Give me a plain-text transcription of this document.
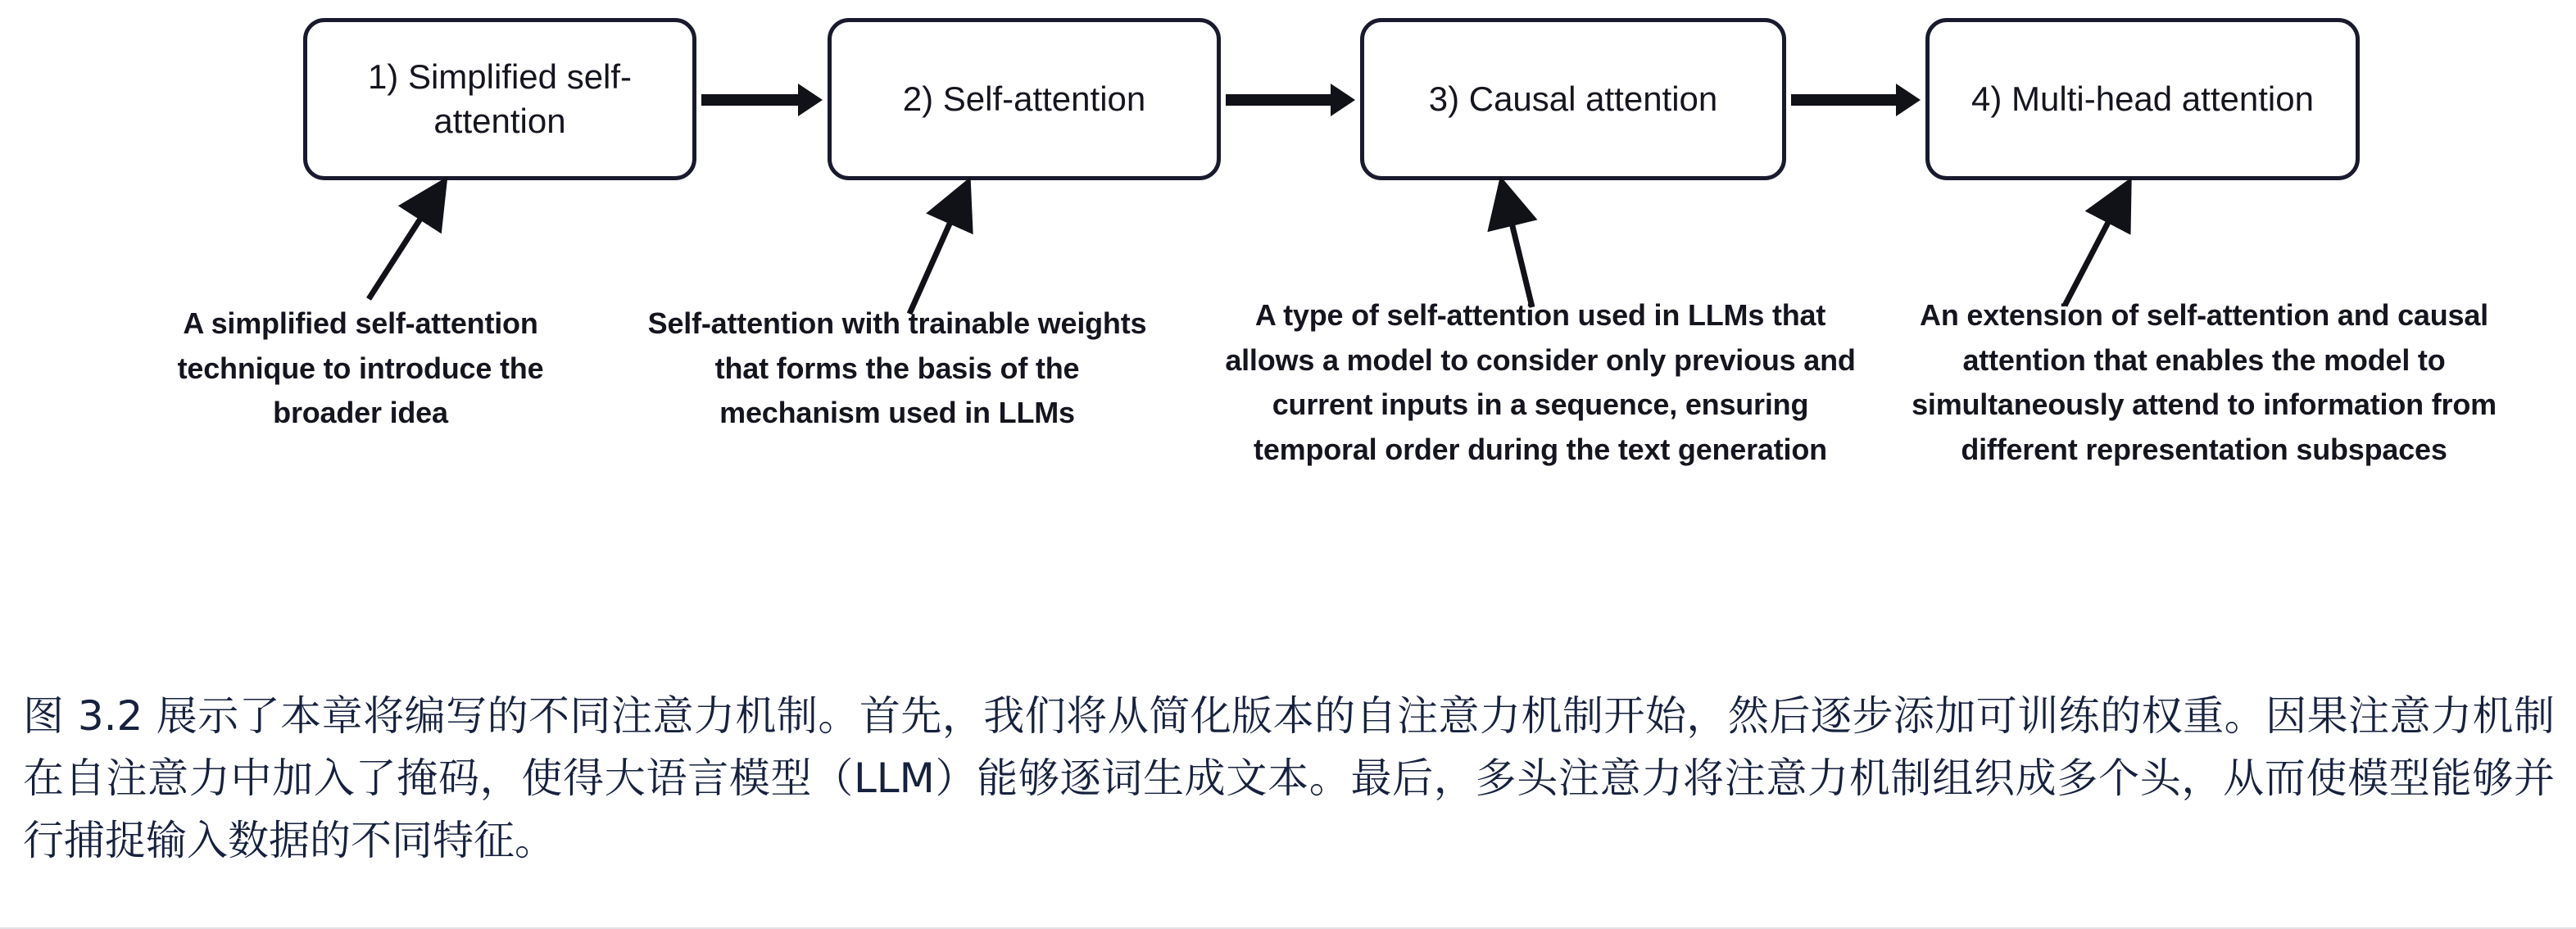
1) Simplified self-attention
2) Self-attention	3) Causal attention	4) Multi-head attention
A simplified self-attention technique to introduce the broader idea
Self-attention with trainable weights that forms the basis of the mechanism used in LLMs
A type of self-attention used in LLMs that allows a model to consider only previous and current inputs in a sequence, ensuring temporal order during the text generation
An extension of self-attention and causal attention that enables the model to simultaneously attend to information from different representation subspaces

图 3.2 展示了本章将编写的不同注意力机制。首先，我们将从简化版本的自注意力机制开始，然后逐步添加可训练的权重。因果注意力机制在自注意力中加入了掩码，使得大语言模型（LLM）能够逐词生成文本。最后，多头注意力将注意力机制组织成多个头，从而使模型能够并行捕捉输入数据的不同特征。
